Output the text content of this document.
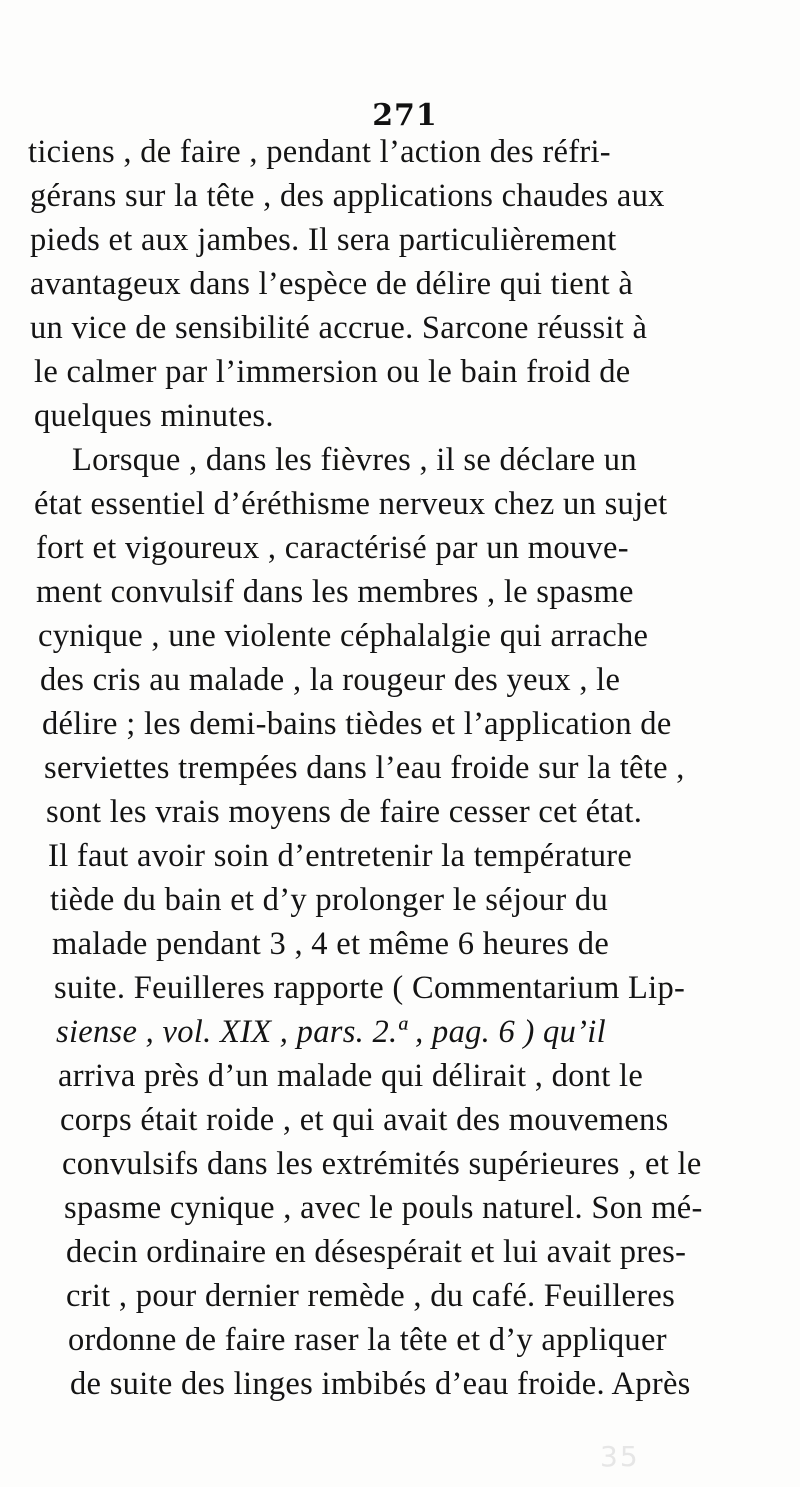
271
ticiens , de faire , pendant l’action des réfri-
gérans sur la tête , des applications chaudes aux
pieds et aux jambes. Il sera particulièrement
avantageux dans l’espèce de délire qui tient à
un vice de sensibilité accrue. Sarcone réussit à
le calmer par l’immersion ou le bain froid de
quelques minutes.
Lorsque , dans les fièvres , il se déclare un
état essentiel d’éréthisme nerveux chez un sujet
fort et vigoureux , caractérisé par un mouve-
ment convulsif dans les membres , le spasme
cynique , une violente céphalalgie qui arrache
des cris au malade , la rougeur des yeux , le
délire ; les demi-bains tièdes et l’application de
serviettes trempées dans l’eau froide sur la tête ,
sont les vrais moyens de faire cesser cet état.
Il faut avoir soin d’entretenir la température
tiède du bain et d’y prolonger le séjour du
malade pendant 3 , 4 et même 6 heures de
suite. Feuilleres rapporte ( Commentarium Lip-
siense , vol. XIX , pars. 2.ª , pag. 6 ) qu’il
arriva près d’un malade qui délirait , dont le
corps était roide , et qui avait des mouvemens
convulsifs dans les extrémités supérieures , et le
spasme cynique , avec le pouls naturel. Son mé-
decin ordinaire en désespérait et lui avait pres-
crit , pour dernier remède , du café. Feuilleres
ordonne de faire raser la tête et d’y appliquer
de suite des linges imbibés d’eau froide. Après
35
